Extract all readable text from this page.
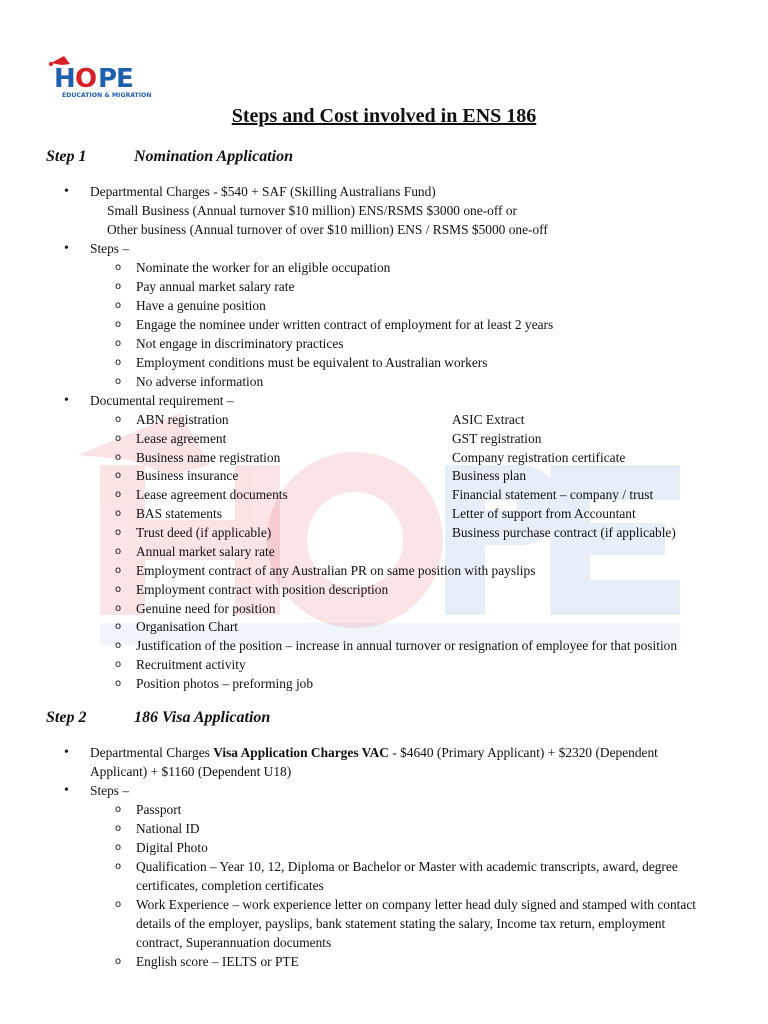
H O PE
EDUCATION & MIGRATION
Steps and Cost involved in ENS 186
Step 1	Nomination Application
• Departmental Charges - $540 + SAF (Skilling Australians Fund)
Small Business (Annual turnover $10 million) ENS/RSMS $3000 one-off or
Other business (Annual turnover of over $10 million) ENS / RSMS $5000 one-off
• Steps –
o Nominate the worker for an eligible occupation
o Pay annual market salary rate
o Have a genuine position
o Engage the nominee under written contract of employment for at least 2 years
o Not engage in discriminatory practices
o Employment conditions must be equivalent to Australian workers
o No adverse information
• Documental requirement –
o ABN registration	ASIC Extract
o Lease agreement	GST registration
o Business name registration	Company registration certificate
o Business insurance	Business plan
o Lease agreement documents	Financial statement – company / trust
o BAS statements	Letter of support from Accountant
o Trust deed (if applicable)	Business purchase contract (if applicable)
o Annual market salary rate
o Employment contract of any Australian PR on same position with payslips
o Employment contract with position description
o Genuine need for position
o Organisation Chart
o Justification of the position – increase in annual turnover or resignation of employee for that position
o Recruitment activity
o Position photos – preforming job
Step 2	186 Visa Application
• Departmental Charges Visa Application Charges VAC - $4640 (Primary Applicant) + $2320 (Dependent
Applicant) + $1160 (Dependent U18)
• Steps –
o Passport
o National ID
o Digital Photo
o Qualification – Year 10, 12, Diploma or Bachelor or Master with academic transcripts, award, degree
certificates, completion certificates
o Work Experience – work experience letter on company letter head duly signed and stamped with contact
details of the employer, payslips, bank statement stating the salary, Income tax return, employment
contract, Superannuation documents
o English score – IELTS or PTE
